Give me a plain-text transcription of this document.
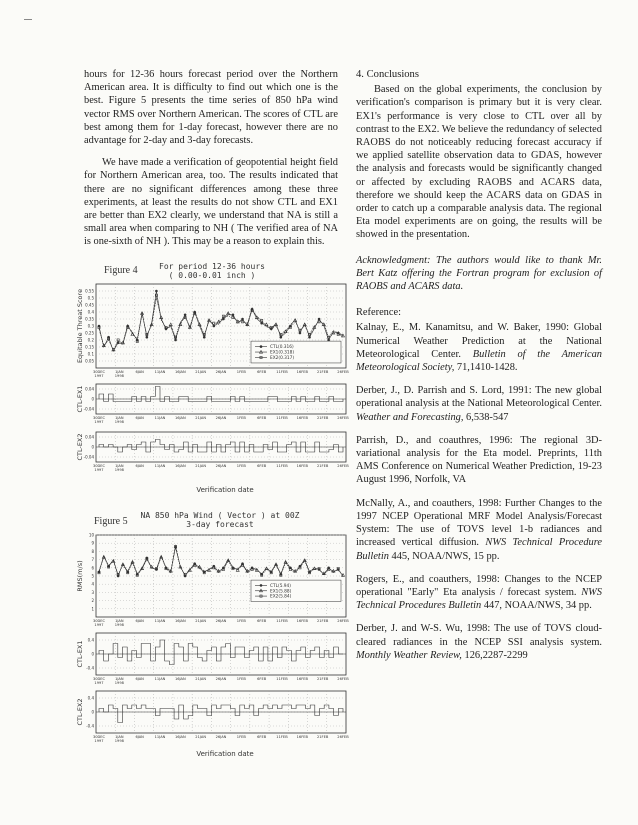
hours for 12-36 hours forecast period over the Northern American area. It is difficulty to find out which one is the best. Figure 5 presents the time series of 850 hPa wind vector RMS over Northern American. The scores of CTL are best among them for 1-day forecast, however there are no advantage for 2-day and 3-day forecasts.

We have made a verification of geopotential height field for Northern American area, too. The results indicated that there are no significant differences among these three experiments, at least the results do not show CTL and EX1 are better than EX2 clearly, we understand that NA is still a small area when comparing to NH ( The verified area of NA is one-sixth of NH ). This may be a reason to explain this.

Figure 4	For period 12-36 hours
( 0.00-0.01 inch )
0.05
0.1
0.15
0.2
0.25
0.3
0.35
0.4
0.45
0.5
0.55
Equitable Threat Score	CTL(0.316)
EX1(0.318)
EX2(0.317)
30DEC
1997
1JAN
1998
6JAN	11JAN	16JAN	21JAN	26JAN	1FEB	6FEB	11FEB 16FEB 21FEB 26FEB
-0.04
0
0.04
CTL-EX1
30DEC
1997
1JAN
1998
6JAN	11JAN	16JAN	21JAN	26JAN	1FEB	6FEB	11FEB 16FEB 21FEB 26FEB
-0.04
0
0.04
CTL-EX2
30DEC
1997
1JAN
1998
6JAN	11JAN	16JAN	21JAN	26JAN	1FEB	6FEB	11FEB 16FEB 21FEB 26FEB
Verification date
Figure 5
NA 850 hPa Wind ( Vector ) at 00Z
3-day forecast
1
2
3
4
5
6
7
8
9
10
RMS(m/s)	CTL(5.94)
EX1(5.88)
EX2(5.84)
30DEC
1997
1JAN
1998
6JAN	11JAN	16JAN	21JAN	26JAN	1FEB	6FEB	11FEB 16FEB 21FEB 26FEB
-0.4
0
0.4
CTL-EX1
30DEC
1997
1JAN
1998
6JAN	11JAN	16JAN	21JAN	26JAN	1FEB	6FEB	11FEB 16FEB 21FEB 26FEB
-0.4
0
0.4
CTL-EX2
30DEC
1997
1JAN
1998
6JAN	11JAN	16JAN	21JAN	26JAN	1FEB	6FEB	11FEB 16FEB 21FEB 26FEB
Verification date

4. Conclusions

Based on the global experiments, the conclusion by verification's comparison is primary but it is very clear. EX1's performance is very close to CTL over all by contrast to the EX2. We believe the redundancy of selected RAOBS do not noticeably reducing forecast accuracy if we applied satellite observation data to GDAS, however the analysis and forecasts would be significantly changed or affected by excluding RAOBS and ACARS data, therefore we should keep the ACARS data on GDAS in order to catch up a comparable analysis data. The regional Eta model experiments are on going, the results will be showed in the presentation.

Acknowledgment: The authors would like to thank Mr. Bert Katz offering the Fortran program for exclusion of RAOBS and ACARS data.

Reference:

Kalnay, E., M. Kanamitsu, and W. Baker, 1990: Global Numerical Weather Prediction at the National Meteorological Center. Bulletin of the American Meteorological Society, 71,1410-1428.

Derber, J., D. Parrish and S. Lord, 1991: The new global operational analysis at the National Meteorological Center. Weather and Forecasting, 6,538-547

Parrish, D., and coauthres, 1996: The regional 3D-variational analysis for the Eta model. Preprints, 11th AMS Conference on Numerical Weather Prediction, 19-23 August 1996, Norfolk, VA

McNally, A., and coauthers, 1998: Further Changes to the 1997 NCEP Operational MRF Model Analysis/Forecast System: The use of TOVS level 1-b radiances and increased vertical diffusion. NWS Technical Procedure Bulletin 445, NOAA/NWS, 15 pp.

Rogers, E., and coauthers, 1998: Changes to the NCEP operational "Early" Eta analysis / forecast system. NWS Technical Procedures Bulletin 447, NOAA/NWS, 34 pp.

Derber, J. and W-S. Wu, 1998: The use of TOVS cloud-cleared radiances in the NCEP SSI analysis system. Monthly Weather Review, 126,2287-2299
